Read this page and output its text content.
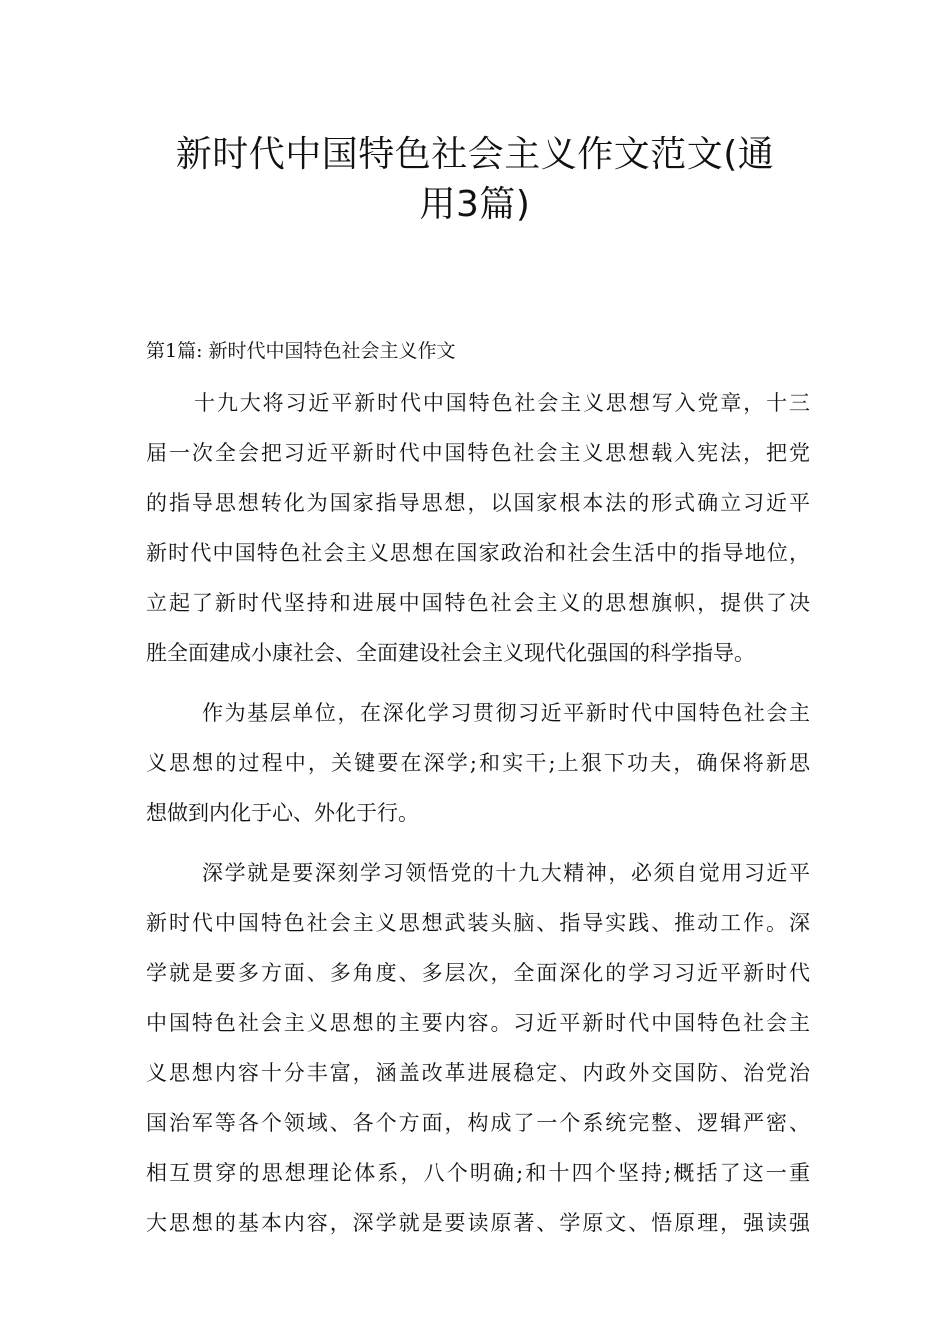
新时代中国特色社会主义作文范文(通
用3篇)
第1篇: 新时代中国特色社会主义作文
十九大将习近平新时代中国特色社会主义思想写入党章，十三
届一次全会把习近平新时代中国特色社会主义思想载入宪法，把党
的指导思想转化为国家指导思想，以国家根本法的形式确立习近平
新时代中国特色社会主义思想在国家政治和社会生活中的指导地位，
立起了新时代坚持和进展中国特色社会主义的思想旗帜，提供了决
胜全面建成小康社会、全面建设社会主义现代化强国的科学指导。
作为基层单位，在深化学习贯彻习近平新时代中国特色社会主
义思想的过程中，关键要在深学;和实干;上狠下功夫，确保将新思
想做到内化于心、外化于行。
深学就是要深刻学习领悟党的十九大精神，必须自觉用习近平
新时代中国特色社会主义思想武装头脑、指导实践、推动工作。深
学就是要多方面、多角度、多层次，全面深化的学习习近平新时代
中国特色社会主义思想的主要内容。习近平新时代中国特色社会主
义思想内容十分丰富，涵盖改革进展稳定、内政外交国防、治党治
国治军等各个领域、各个方面，构成了一个系统完整、逻辑严密、
相互贯穿的思想理论体系，八个明确;和十四个坚持;概括了这一重
大思想的基本内容，深学就是要读原著、学原文、悟原理，强读强
